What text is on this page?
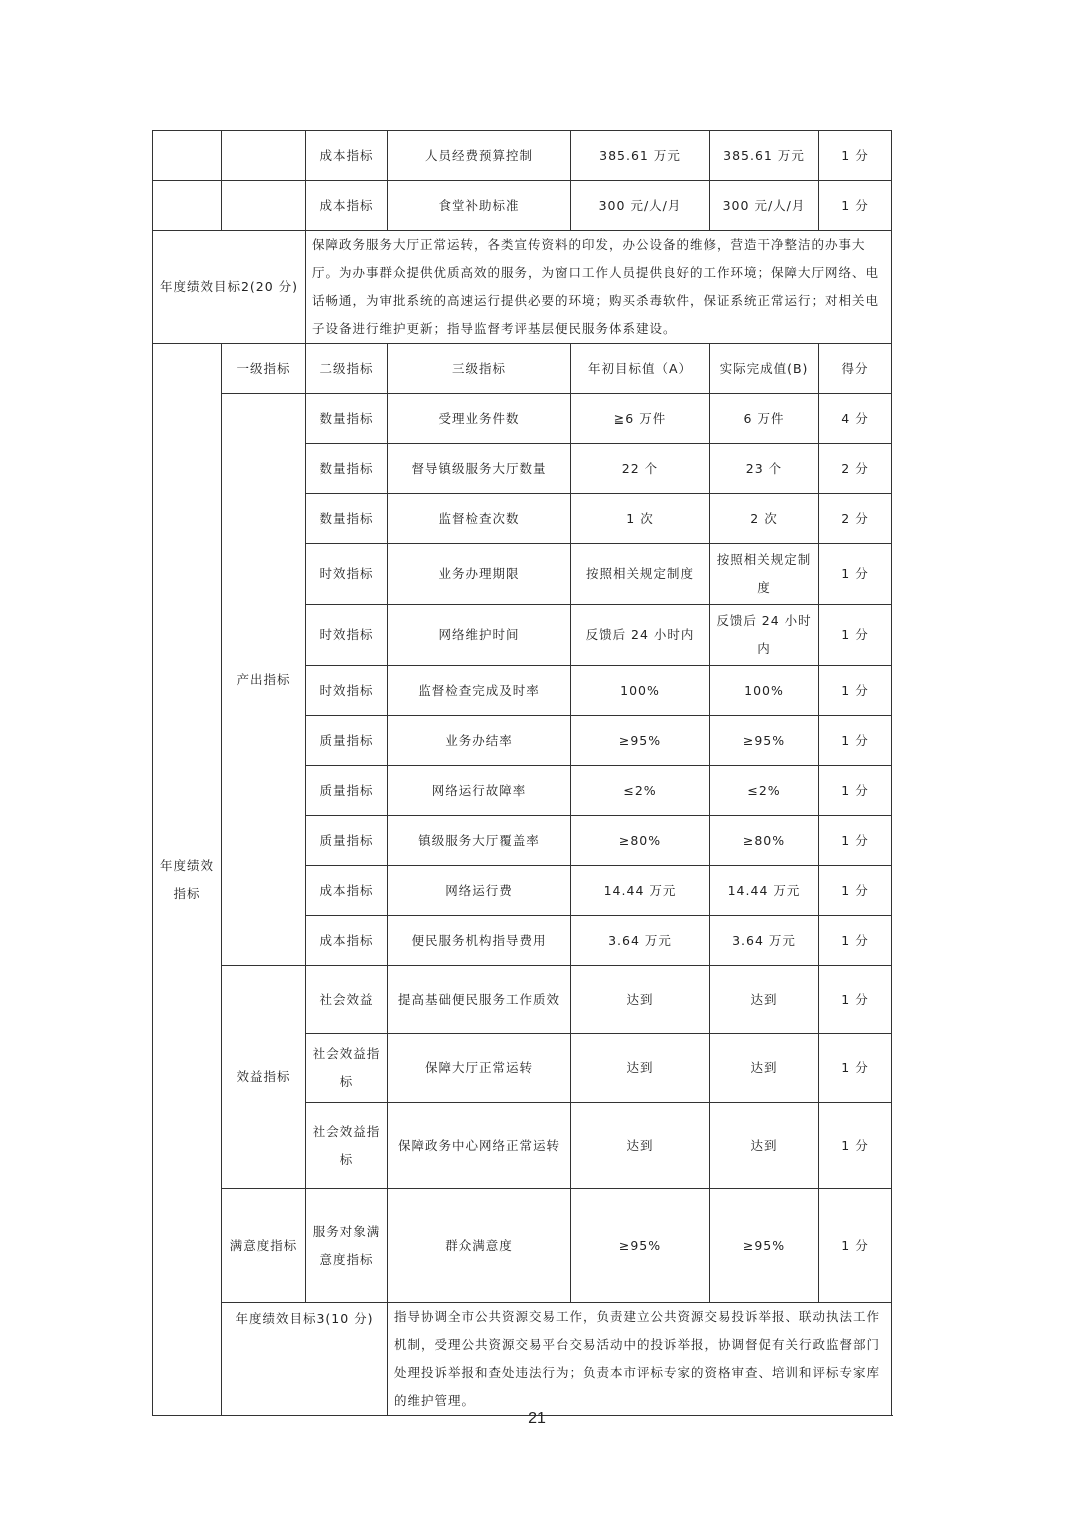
		成本指标	人员经费预算控制	385.61 万元	385.61 万元	1 分
		成本指标	食堂补助标准	300 元/人/月	300 元/人/月	1 分
年度绩效目标2(20 分)		保障政务服务大厅正常运转，各类宣传资料的印发，办公设备的维修，营造干净整洁的办事大厅。为办事群众提供优质高效的服务，为窗口工作人员提供良好的工作环境；保障大厅网络、电话畅通，为审批系统的高速运行提供必要的环境；购买杀毒软件，保证系统正常运行；对相关电子设备进行维护更新；指导监督考评基层便民服务体系建设。				
年度绩效指标	一级指标	二级指标	三级指标	年初目标值（A）	实际完成值(B)	得分
	产出指标	数量指标	受理业务件数	≧6 万件	6 万件	4 分
		数量指标	督导镇级服务大厅数量	22 个	23 个	2 分
		数量指标	监督检查次数	1 次	2 次	2 分
		时效指标	业务办理期限	按照相关规定制度	按照相关规定制度	1 分
		时效指标	网络维护时间	反馈后 24 小时内	反馈后 24 小时内	1 分
		时效指标	监督检查完成及时率	100%	100%	1 分
		质量指标	业务办结率	≥95%	≥95%	1 分
		质量指标	网络运行故障率	≤2%	≤2%	1 分
		质量指标	镇级服务大厅覆盖率	≥80%	≥80%	1 分
		成本指标	网络运行费	14.44 万元	14.44 万元	1 分
		成本指标	便民服务机构指导费用	3.64 万元	3.64 万元	1 分
	效益指标	社会效益	提高基础便民服务工作质效	达到	达到	1 分
		社会效益指标	保障大厅正常运转	达到	达到	1 分
		社会效益指标	保障政务中心网络正常运转	达到	达到	1 分
	满意度指标	服务对象满意度指标	群众满意度	≥95%	≥95%	1 分
	年度绩效目标3(10 分)		指导协调全市公共资源交易工作，负责建立公共资源交易投诉举报、联动执法工作机制，受理公共资源交易平台交易活动中的投诉举报，协调督促有关行政监督部门处理投诉举报和查处违法行为；负责本市评标专家的资格审查、培训和评标专家库的维护管理。			
21
